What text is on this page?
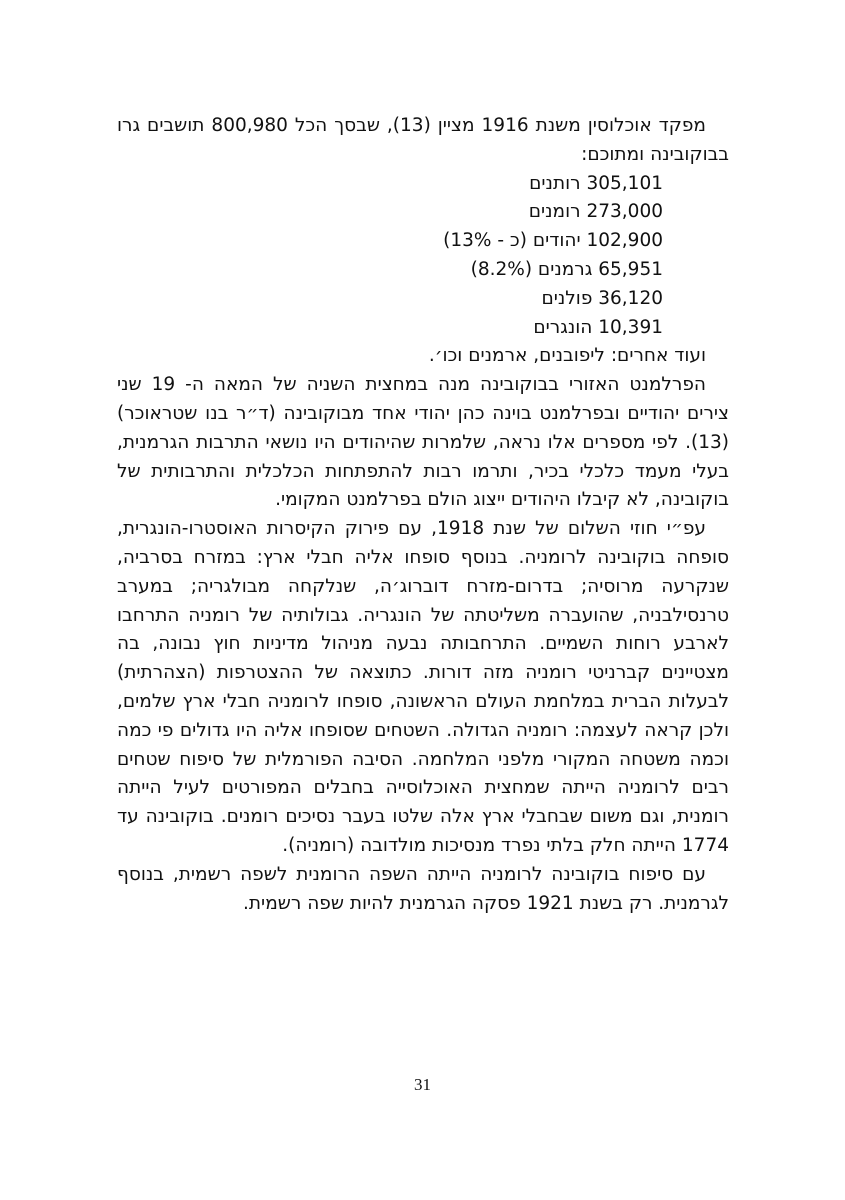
מפקד אוכלוסין משנת 1916 מציין (13), שבסך הכל 800,980 תושבים גרו בבוקובינה ומתוכם:

305,101 רותנים
273,000 רומנים
102,900 יהודים (כ - 13%)
65,951 גרמנים (8.2%)
36,120 פולנים
10,391 הונגרים

ועוד אחרים: ליפובנים, ארמנים וכו׳.

הפרלמנט האזורי בבוקובינה מנה במחצית השניה של המאה ה- 19 שני צירים יהודיים ובפרלמנט בוינה כהן יהודי אחד מבוקובינה (ד״ר בנו שטראוכר) (13). לפי מספרים אלו נראה, שלמרות שהיהודים היו נושאי התרבות הגרמנית, בעלי מעמד כלכלי בכיר, ותרמו רבות להתפתחות הכלכלית והתרבותית של בוקובינה, לא קיבלו היהודים ייצוג הולם בפרלמנט המקומי.

עפ״י חוזי השלום של שנת 1918, עם פירוק הקיסרות האוסטרו-הונגרית, סופחה בוקובינה לרומניה. בנוסף סופחו אליה חבלי ארץ: במזרח בסרביה, שנקרעה מרוסיה; בדרום-מזרח דוברוג׳ה, שנלקחה מבולגריה; במערב טרנסילבניה, שהועברה משליטתה של הונגריה. גבולותיה של רומניה התרחבו לארבע רוחות השמיים. התרחבותה נבעה מניהול מדיניות חוץ נבונה, בה מצטיינים קברניטי רומניה מזה דורות. כתוצאה של ההצטרפות (הצהרתית) לבעלות הברית במלחמת העולם הראשונה, סופחו לרומניה חבלי ארץ שלמים, ולכן קראה לעצמה: רומניה הגדולה. השטחים שסופחו אליה היו גדולים פי כמה וכמה משטחה המקורי מלפני המלחמה. הסיבה הפורמלית של סיפוח שטחים רבים לרומניה הייתה שמחצית האוכלוסייה בחבלים המפורטים לעיל הייתה רומנית, וגם משום שבחבלי ארץ אלה שלטו בעבר נסיכים רומנים. בוקובינה עד 1774 הייתה חלק בלתי נפרד מנסיכות מולדובה (רומניה).

עם סיפוח בוקובינה לרומניה הייתה השפה הרומנית לשפה רשמית, בנוסף לגרמנית. רק בשנת 1921 פסקה הגרמנית להיות שפה רשמית.

31
